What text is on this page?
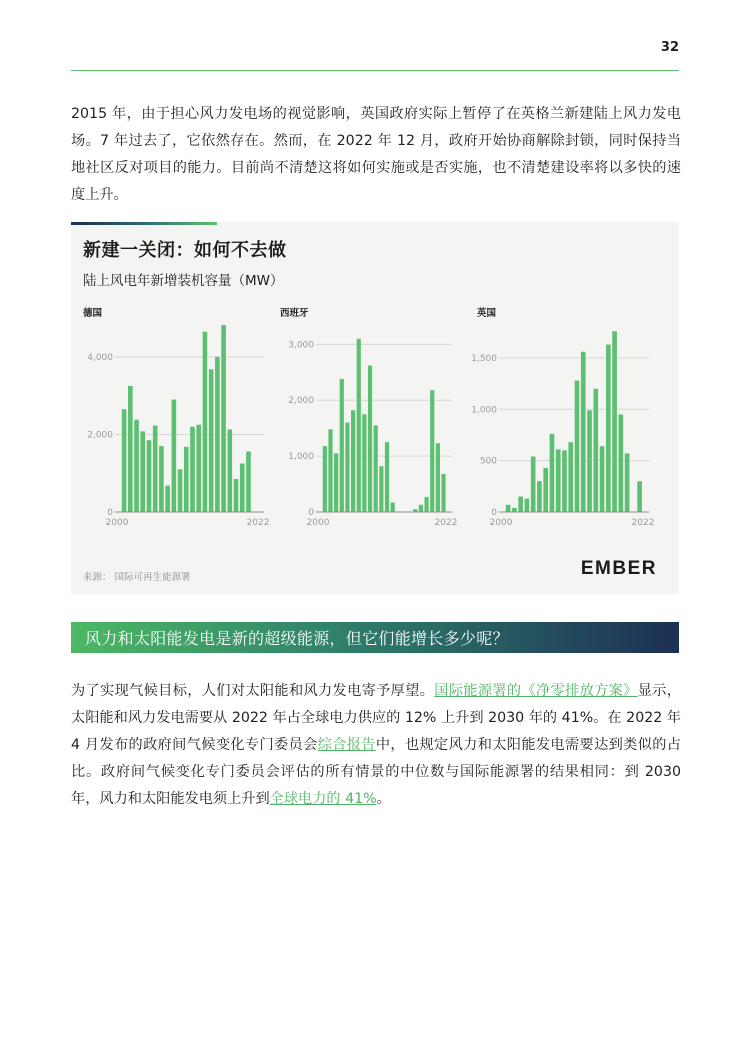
32

2015 年，由于担心风力发电场的视觉影响，英国政府实际上暂停了在英格兰新建陆上风力发电场。7 年过去了，它依然存在。然而，在 2022 年 12 月，政府开始协商解除封锁，同时保持当地社区反对项目的能力。目前尚不清楚这将如何实施或是否实施，也不清楚建设率将以多快的速度上升。

新建一关闭：如何不去做
陆上风电年新增装机容量（MW）
德国
0
2,000
4,000
2000	2022
西班牙
0
1,000
2,000
3,000
2000	2022
英国
0
500
1,000
1,500
2000	2022
来源： 国际可再生能源署	EMBER
风力和太阳能发电是新的超级能源，但它们能增长多少呢？

为了实现气候目标，人们对太阳能和风力发电寄予厚望。国际能源署的《净零排放方案》显示，太阳能和风力发电需要从 2022 年占全球电力供应的 12% 上升到 2030 年的 41%。在 2022 年 4 月发布的政府间气候变化专门委员会综合报告中，也规定风力和太阳能发电需要达到类似的占比。政府间气候变化专门委员会评估的所有情景的中位数与国际能源署的结果相同：到 2030 年，风力和太阳能发电须上升到全球电力的 41%。
